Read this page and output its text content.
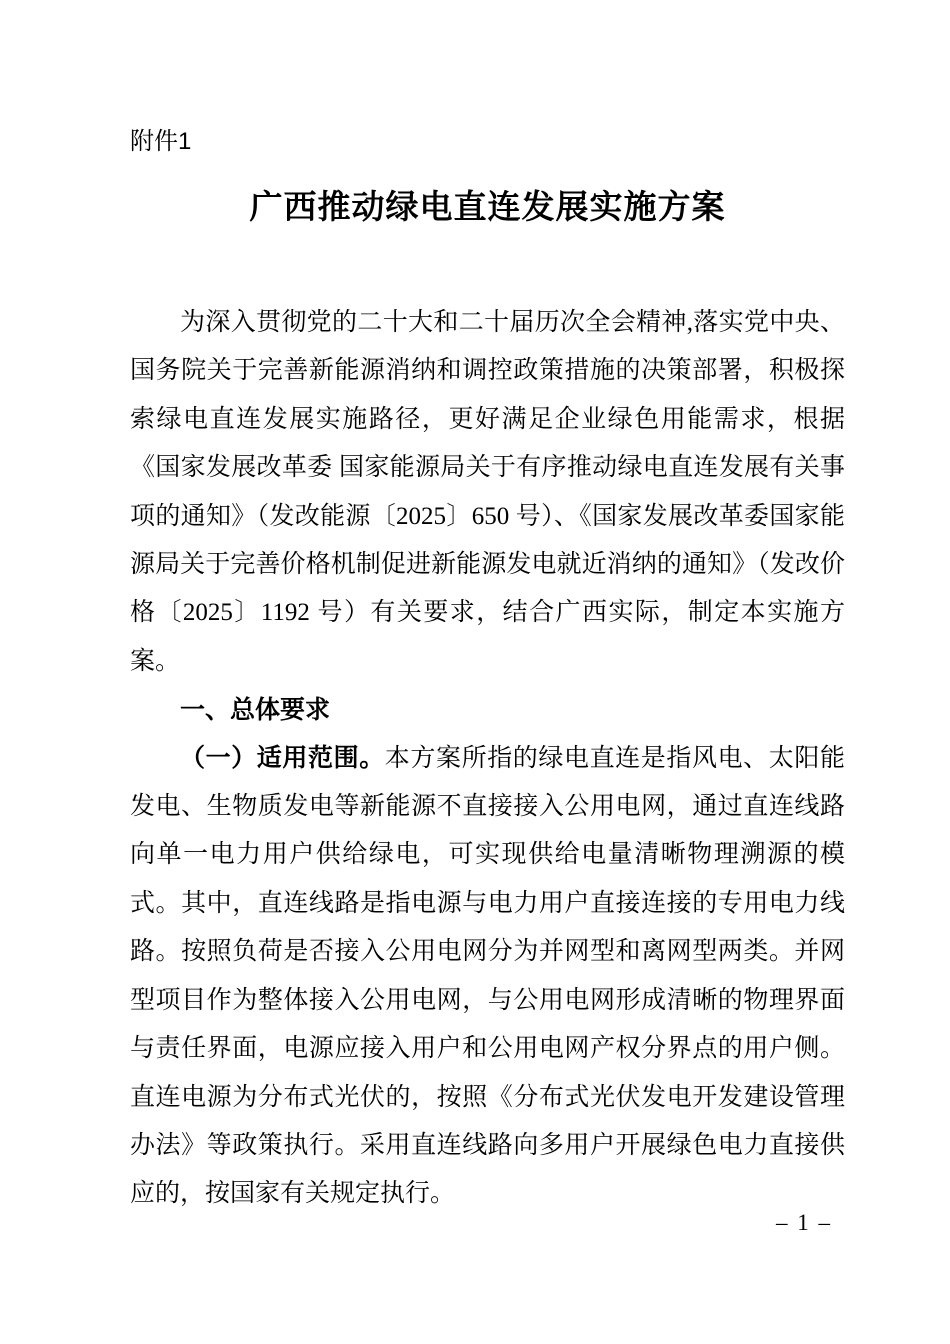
附件1
广西推动绿电直连发展实施方案

为深入贯彻党的二十大和二十届历次全会精神,落实党中央、国务院关于完善新能源消纳和调控政策措施的决策部署，积极探索绿电直连发展实施路径，更好满足企业绿色用能需求，根据《国家发展改革委 国家能源局关于有序推动绿电直连发展有关事项的通知》（发改能源〔2025〕650 号）、《国家发展改革委国家能源局关于完善价格机制促进新能源发电就近消纳的通知》（发改价格〔2025〕1192 号）有关要求，结合广西实际，制定本实施方案。

一、总体要求

（一）适用范围。本方案所指的绿电直连是指风电、太阳能发电、生物质发电等新能源不直接接入公用电网，通过直连线路向单一电力用户供给绿电，可实现供给电量清晰物理溯源的模式。其中，直连线路是指电源与电力用户直接连接的专用电力线路。按照负荷是否接入公用电网分为并网型和离网型两类。并网型项目作为整体接入公用电网，与公用电网形成清晰的物理界面与责任界面，电源应接入用户和公用电网产权分界点的用户侧。直连电源为分布式光伏的，按照《分布式光伏发电开发建设管理办法》等政策执行。采用直连线路向多用户开展绿色电力直接供应的，按国家有关规定执行。

– 1 –
